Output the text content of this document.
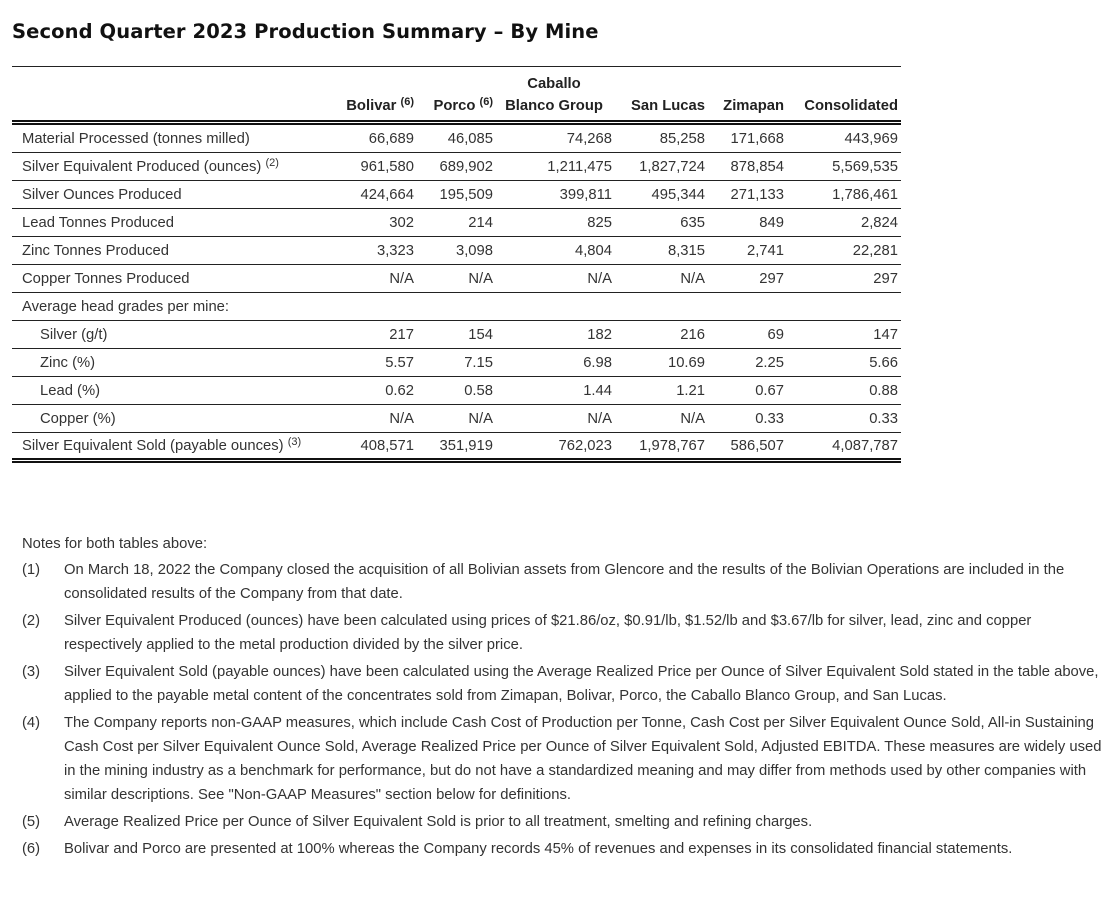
Second Quarter 2023 Production Summary – By Mine
	Bolivar $^{(6)}$	Porco $^{(6)}$	Caballo
Blanco Group	San Lucas	Zimapan	Consolidated
Material Processed (tonnes milled)	66,689	46,085	74,268	85,258	171,668	443,969
Silver Equivalent Produced (ounces) $^{(2)}$	961,580	689,902	1,211,475	1,827,724	878,854	5,569,535
Silver Ounces Produced	424,664	195,509	399,811	495,344	271,133	1,786,461
Lead Tonnes Produced	302	214	825	635	849	2,824
Zinc Tonnes Produced	3,323	3,098	4,804	8,315	2,741	22,281
Copper Tonnes Produced	N/A	N/A	N/A	N/A	297	297
Average head grades per mine:						
Silver (g/t)	217	154	182	216	69	147
Zinc (%)	5.57	7.15	6.98	10.69	2.25	5.66
Lead (%)	0.62	0.58	1.44	1.21	0.67	0.88
Copper (%)	N/A	N/A	N/A	N/A	0.33	0.33
Silver Equivalent Sold (payable ounces) $^{(3)}$	408,571	351,919	762,023	1,978,767	586,507	4,087,787
Notes for both tables above:
(1)	On March 18, 2022 the Company closed the acquisition of all Bolivian assets from Glencore and the results of the Bolivian Operations are included in the consolidated results of the Company from that date.
(2)	Silver Equivalent Produced (ounces) have been calculated using prices of $21.86/oz, $0.91/lb, $1.52/lb and $3.67/lb for silver, lead, zinc and copper respectively applied to the metal production divided by the silver price.
(3)	Silver Equivalent Sold (payable ounces) have been calculated using the Average Realized Price per Ounce of Silver Equivalent Sold stated in the table above, applied to the payable metal content of the concentrates sold from Zimapan, Bolivar, Porco, the Caballo Blanco Group, and San Lucas.
(4)	The Company reports non-GAAP measures, which include Cash Cost of Production per Tonne, Cash Cost per Silver Equivalent Ounce Sold, All-in Sustaining Cash Cost per Silver Equivalent Ounce Sold, Average Realized Price per Ounce of Silver Equivalent Sold, Adjusted EBITDA. These measures are widely used in the mining industry as a benchmark for performance, but do not have a standardized meaning and may differ from methods used by other companies with similar descriptions. See "Non-GAAP Measures" section below for definitions.
(5)	Average Realized Price per Ounce of Silver Equivalent Sold is prior to all treatment, smelting and refining charges.
(6)	Bolivar and Porco are presented at 100% whereas the Company records 45% of revenues and expenses in its consolidated financial statements.
